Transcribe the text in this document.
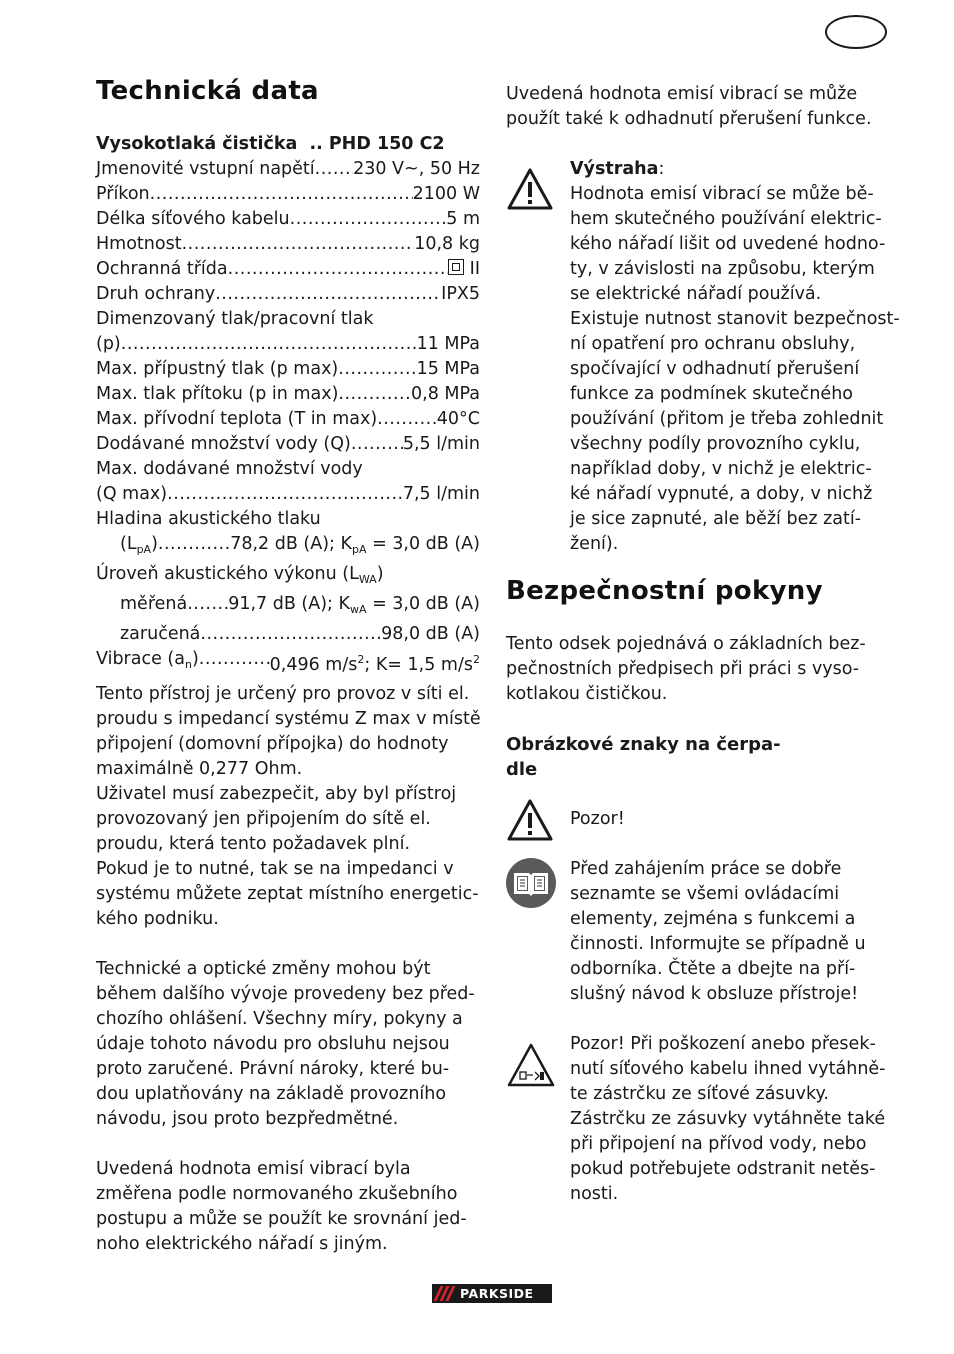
Technická data
Vysokotlaká čistička .. PHD 150 C2
Jmenovité vstupní napětí ..... 230 V~, 50 Hz
Příkon .....	2100 W
Délka síťového kabelu .....	5 m
Hmotnost .....	10,8 kg
Ochranná třída .....	II
Druh ochrany .....	IPX5
Dimenzovaný tlak/pracovní tlak
(p) .....	11 MPa
Max. přípustný tlak (p max) .....	15 MPa
Max. tlak přítoku (p in max) .....	0,8 MPa
Max. přívodní teplota (T in max) .....	40°C
Dodávané množství vody (Q) .....	5,5 l/min
Max. dodávané množství vody
(Q max) .....	7,5 l/min
Hladina akustického tlaku
$(L_{pA})$ .....	78,2 dB (A); $K_{pA} = 3,0$ dB (A)
Úroveň akustického výkonu $(L_{WA})$
měřená ..... 91,7 dB (A); $K_{wA} = 3,0$ dB (A)
zaručená .....	98,0 dB (A)
Vibrace $(a_n)$ .....	0,496 $m/s^2$; K= 1,5 $m/s^2$
Tento přístroj je určený pro provoz v síti el.
proudu s impedancí systému Z max v místě
připojení (domovní přípojka) do hodnoty
maximálně 0,277 Ohm.
Uživatel musí zabezpečit, aby byl přístroj
provozovaný jen připojením do sítě el.
proudu, která tento požadavek plní.
Pokud je to nutné, tak se na impedanci v
systému můžete zeptat místního energetic-
kého podniku.
Technické a optické změny mohou být
během dalšího vývoje provedeny bez před-
chozího ohlášení. Všechny míry, pokyny a
údaje tohoto návodu pro obsluhu nejsou
proto zaručené. Právní nároky, které bu-
dou uplatňovány na základě provozního
návodu, jsou proto bezpředmětné.
Uvedená hodnota emisí vibrací byla
změřena podle normovaného zkušebního
postupu a může se použít ke srovnání jed-
noho elektrického nářadí s jiným.
Uvedená hodnota emisí vibrací se může
použít také k odhadnutí přerušení funkce.
Výstraha:
Hodnota emisí vibrací se může bě-
hem skutečného používání elektric-
kého nářadí lišit od uvedené hodno-
ty, v závislosti na způsobu, kterým
se elektrické nářadí používá.
Existuje nutnost stanovit bezpečnost-
ní opatření pro ochranu obsluhy,
spočívající v odhadnutí přerušení
funkce za podmínek skutečného
používání (přitom je třeba zohlednit
všechny podíly provozního cyklu,
například doby, v nichž je elektric-
ké nářadí vypnuté, a doby, v nichž
je sice zapnuté, ale běží bez zatí-
žení).
Bezpečnostní pokyny
Tento odsek pojednává o základních bez-
pečnostních předpisech při práci s vyso-
kotlakou čističkou.
Obrázkové znaky na čerpa-
dle
Pozor!
Před zahájením práce se dobře
seznamte se všemi ovládacími
elementy, zejména s funkcemi a
činnosti. Informujte se případně u
odborníka. Čtěte a dbejte na pří-
slušný návod k obsluze přístroje!
Pozor! Při poškození anebo přesek-
nutí síťového kabelu ihned vytáhně-
te zástrčku ze síťové zásuvky.
Zástrčku ze zásuvky vytáhněte také
při připojení na přívod vody, nebo
pokud potřebujete odstranit netěs-
nosti.
PARKSIDE
